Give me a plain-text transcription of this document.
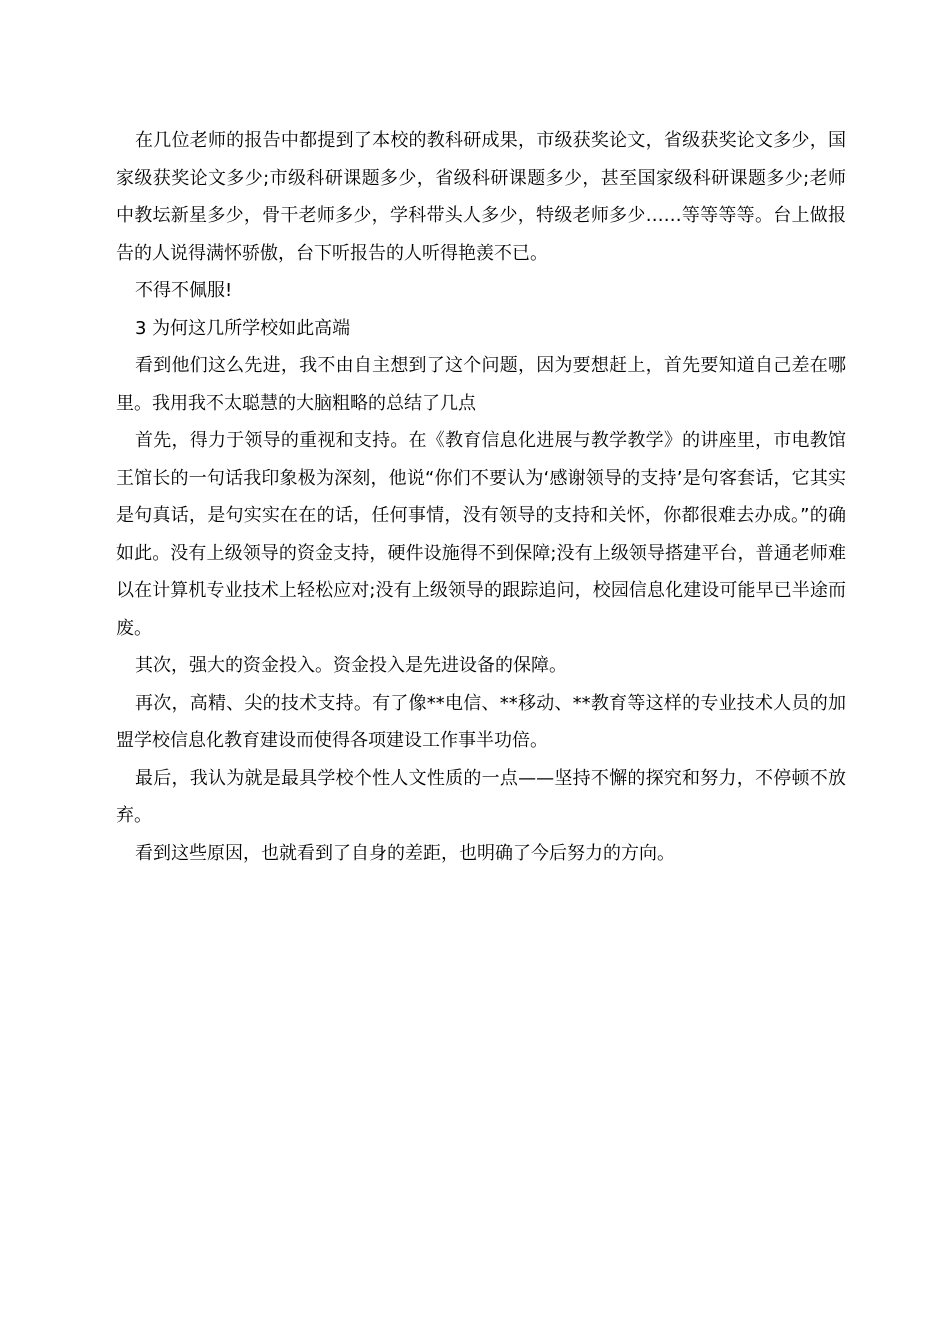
在几位老师的报告中都提到了本校的教科研成果，市级获奖论文，省级获奖论文多少，国家级获奖论文多少;市级科研课题多少，省级科研课题多少，甚至国家级科研课题多少;老师中教坛新星多少，骨干老师多少，学科带头人多少，特级老师多少……等等等等。台上做报告的人说得满怀骄傲，台下听报告的人听得艳羡不已。

不得不佩服!

3 为何这几所学校如此高端

看到他们这么先进，我不由自主想到了这个问题，因为要想赶上，首先要知道自己差在哪里。我用我不太聪慧的大脑粗略的总结了几点

首先，得力于领导的重视和支持。在《教育信息化进展与教学教学》的讲座里，市电教馆王馆长的一句话我印象极为深刻，他说“你们不要认为‘感谢领导的支持’是句客套话，它其实是句真话，是句实实在在的话，任何事情，没有领导的支持和关怀，你都很难去办成。”的确如此。没有上级领导的资金支持，硬件设施得不到保障;没有上级领导搭建平台，普通老师难以在计算机专业技术上轻松应对;没有上级领导的跟踪追问，校园信息化建设可能早已半途而废。

其次，强大的资金投入。资金投入是先进设备的保障。

再次，高精、尖的技术支持。有了像**电信、**移动、**教育等这样的专业技术人员的加盟学校信息化教育建设而使得各项建设工作事半功倍。

最后，我认为就是最具学校个性人文性质的一点——坚持不懈的探究和努力，不停顿不放弃。

看到这些原因，也就看到了自身的差距，也明确了今后努力的方向。
